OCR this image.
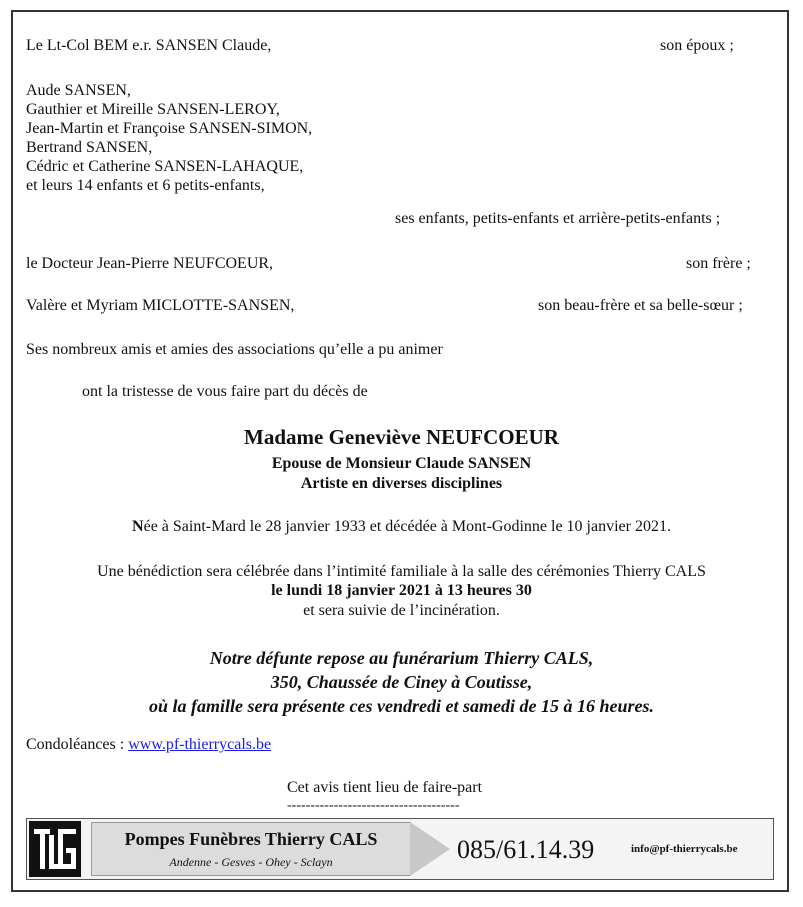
Le Lt-Col BEM e.r. SANSEN Claude,	son époux ;
Aude SANSEN,
Gauthier et Mireille SANSEN-LEROY,
Jean-Martin et Françoise SANSEN-SIMON,
Bertrand SANSEN,
Cédric et Catherine SANSEN-LAHAQUE,
et leurs 14 enfants et 6 petits-enfants,
ses enfants, petits-enfants et arrière-petits-enfants ;
le Docteur Jean-Pierre NEUFCOEUR,	son frère ;
Valère et Myriam MICLOTTE-SANSEN,	son beau-frère et sa belle-sœur ;
Ses nombreux amis et amies des associations qu’elle a pu animer
ont la tristesse de vous faire part du décès de
Madame Geneviève NEUFCOEUR
Epouse de Monsieur Claude SANSEN
Artiste en diverses disciplines
Née à Saint-Mard le 28 janvier 1933 et décédée à Mont-Godinne le 10 janvier 2021.
Une bénédiction sera célébrée dans l’intimité familiale à la salle des cérémonies Thierry CALS
le lundi 18 janvier 2021 à 13 heures 30
et sera suivie de l’incinération.
Notre défunte repose au funérarium Thierry CALS,
350, Chaussée de Ciney à Coutisse,
où la famille sera présente ces vendredi et samedi de 15 à 16 heures.
Condoléances : www.pf-thierrycals.be
Cet avis tient lieu de faire-part
-------------------------------------
Pompes Funèbres Thierry CALS
Andenne - Gesves - Ohey - Sclayn	085/61.14.39	info@pf-thierrycals.be
